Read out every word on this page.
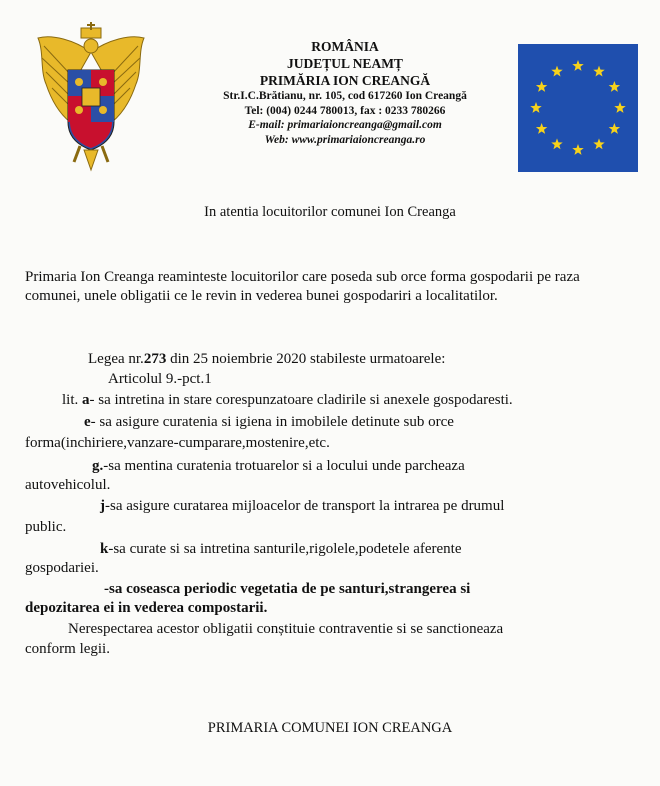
ROMÂNIA
JUDEȚUL NEAMȚ
PRIMĂRIA ION CREANGĂ
Str.I.C.Brătianu, nr. 105, cod 617260 Ion Creangă
Tel: (004) 0244 780013, fax : 0233 780266
E-mail: primariaioncreanga@gmail.com
Web: www.primariaioncreanga.ro
In atentia locuitorilor comunei Ion Creanga
Primaria Ion Creanga reaminteste locuitorilor care poseda sub orce forma gospodarii pe raza comunei, unele obligatii ce le revin in vederea bunei gospodariri a localitatilor.
Legea nr.273 din 25 noiembrie 2020 stabileste urmatoarele:
Articolul 9.-pct.1
lit. a- sa intretina in stare corespunzatoare cladirile si anexele gospodaresti.
e- sa asigure curatenia si igiena in imobilele detinute sub orce
forma(inchiriere,vanzare-cumparare,mostenire,etc.
g.-sa mentina curatenia trotuarelor si a locului unde parcheaza
autovehicolul.
j-sa asigure curatarea mijloacelor de transport la intrarea pe drumul
public.
k-sa curate si sa intretina santurile,rigolele,podetele aferente
gospodariei.
-sa coseasca periodic vegetatia de pe santuri,strangerea si
depozitarea ei in vederea compostarii.
Nerespectarea acestor obligatii conștituie contraventie si se sanctioneaza
conform legii.
PRIMARIA COMUNEI ION CREANGA
